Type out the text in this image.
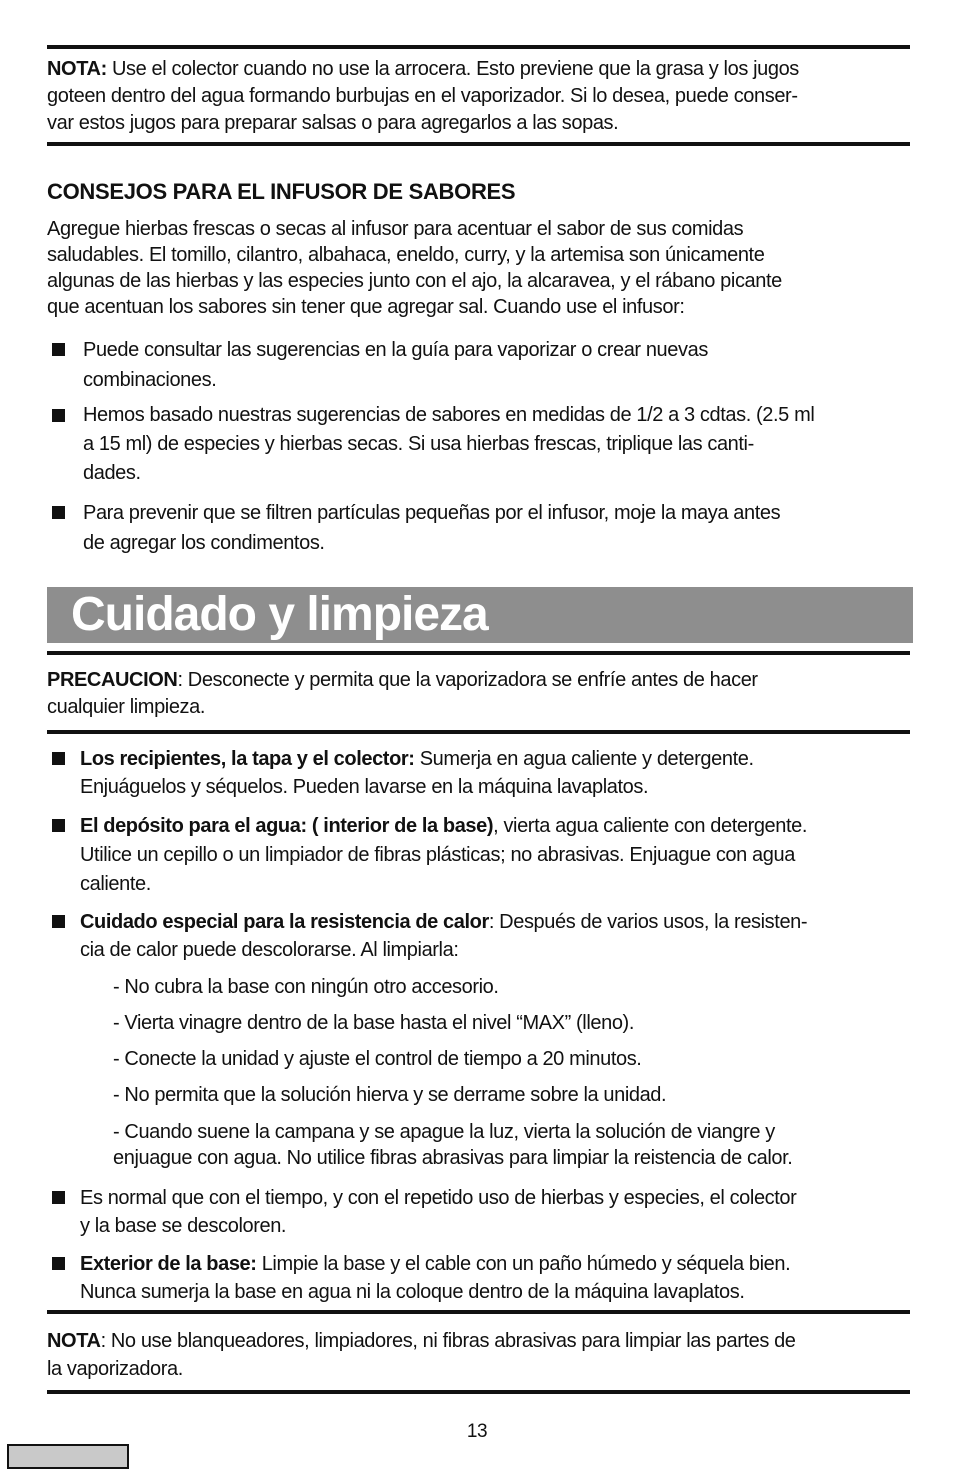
NOTA: Use el colector cuando no use la arrocera. Esto previene que la grasa y los jugos
goteen dentro del agua formando burbujas en el vaporizador. Si lo desea, puede conser-
var estos jugos para preparar salsas o para agregarlos a las sopas.
CONSEJOS PARA EL INFUSOR DE SABORES
Agregue hierbas frescas o secas al infusor para acentuar el sabor de sus comidas
saludables. El tomillo, cilantro, albahaca, eneldo, curry, y la artemisa son únicamente
algunas de las hierbas y las especies junto con el ajo, la alcaravea, y el rábano picante
que acentuan los sabores sin tener que agregar sal. Cuando use el infusor:
Puede consultar las sugerencias en la guía para vaporizar o crear nuevas
combinaciones.
Hemos basado nuestras sugerencias de sabores en medidas de 1/2 a 3 cdtas. (2.5 ml
a 15 ml) de especies y hierbas secas. Si usa hierbas frescas, triplique las canti-
dades.
Para prevenir que se filtren partículas pequeñas por el infusor, moje la maya antes
de agregar los condimentos.
Cuidado y limpieza
PRECAUCION: Desconecte y permita que la vaporizadora se enfríe antes de hacer
cualquier limpieza.
Los recipientes, la tapa y el colector: Sumerja en agua caliente y detergente.
Enjuáguelos y séquelos. Pueden lavarse en la máquina lavaplatos.
El depósito para el agua: ( interior de la base), vierta agua caliente con detergente.
Utilice un cepillo o un limpiador de fibras plásticas; no abrasivas. Enjuague con agua
caliente.
Cuidado especial para la resistencia de calor: Después de varios usos, la resisten-
cia de calor puede descolorarse. Al limpiarla:
- No cubra la base con ningún otro accesorio.
- Vierta vinagre dentro de la base hasta el nivel “MAX” (lleno).
- Conecte la unidad y ajuste el control de tiempo a 20 minutos.
- No permita que la solución hierva y se derrame sobre la unidad.
- Cuando suene la campana y se apague la luz, vierta la solución de viangre y
enjuague con agua. No utilice fibras abrasivas para limpiar la reistencia de calor.
Es normal que con el tiempo, y con el repetido uso de hierbas y especies, el colector
y la base se descoloren.
Exterior de la base: Limpie la base y el cable con un paño húmedo y séquela bien.
Nunca sumerja la base en agua ni la coloque dentro de la máquina lavaplatos.
NOTA: No use blanqueadores, limpiadores, ni fibras abrasivas para limpiar las partes de
la vaporizadora.
13
